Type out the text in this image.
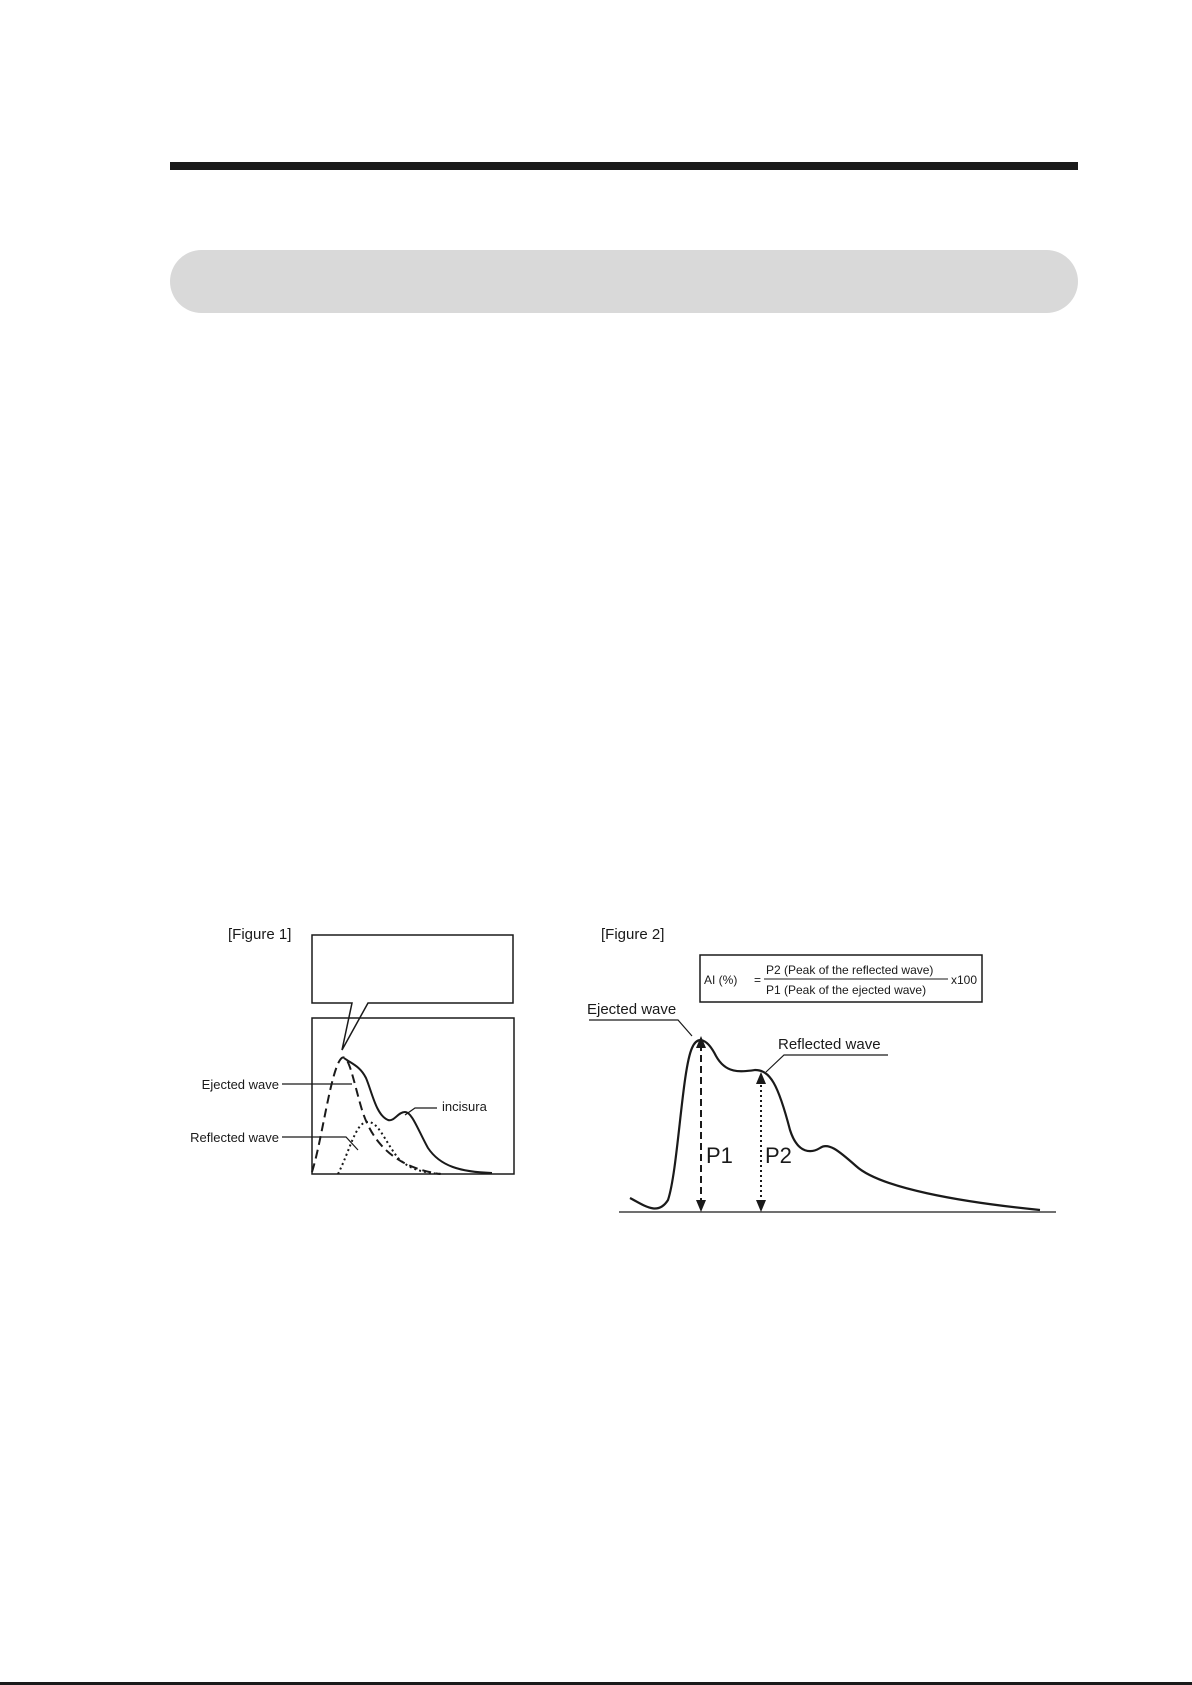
[Figure 1]
Ejected wave
Reflected wave
incisura
[Figure 2]
AI (%) =
P2 (Peak of the reflected wave)
P1 (Peak of the ejected wave)
x100
P1 P2
Ejected wave
Reflected wave
